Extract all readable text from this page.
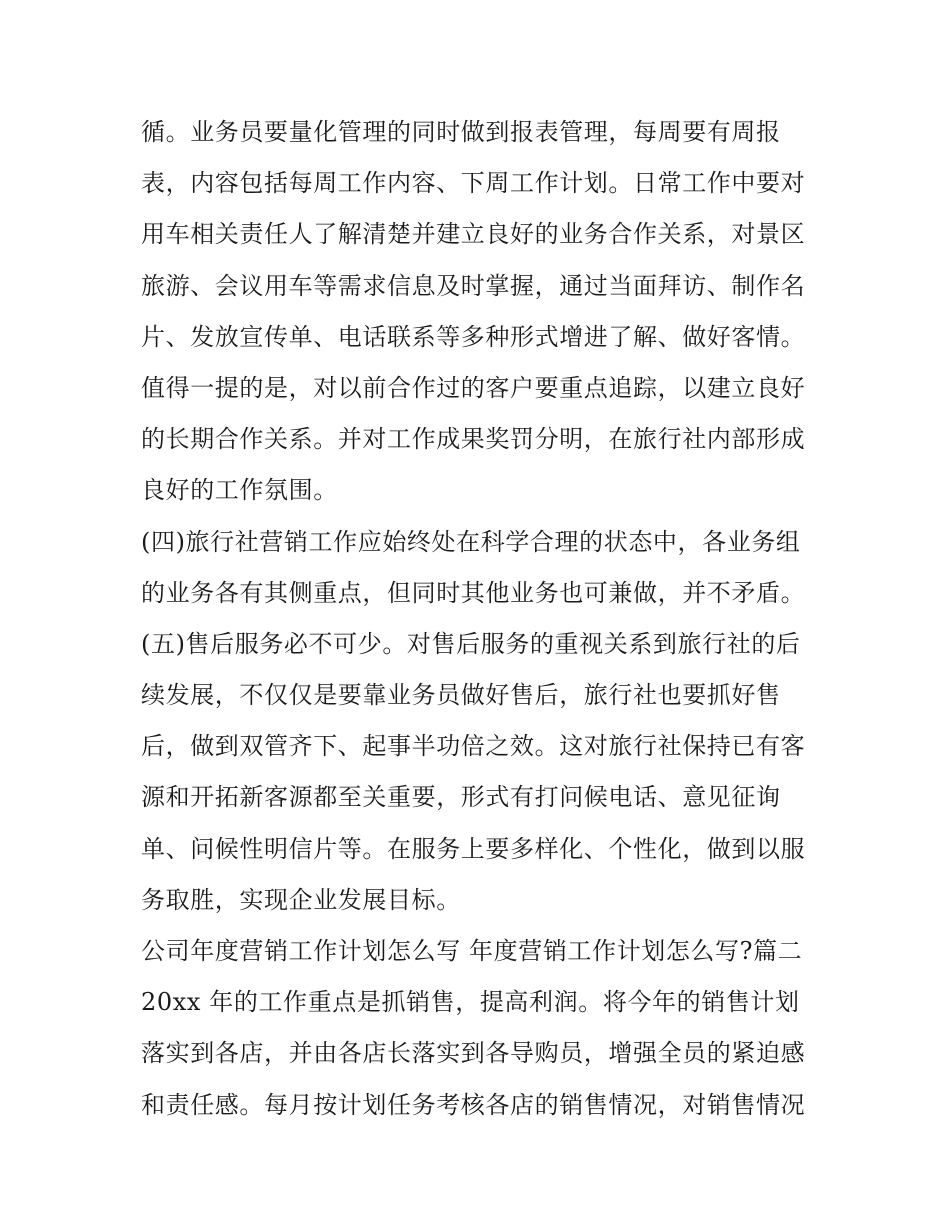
循。业务员要量化管理的同时做到报表管理，每周要有周报
表，内容包括每周工作内容、下周工作计划。日常工作中要对
用车相关责任人了解清楚并建立良好的业务合作关系，对景区
旅游、会议用车等需求信息及时掌握，通过当面拜访、制作名
片、发放宣传单、电话联系等多种形式增进了解、做好客情。
值得一提的是，对以前合作过的客户要重点追踪，以建立良好
的长期合作关系。并对工作成果奖罚分明，在旅行社内部形成
良好的工作氛围。
(四)旅行社营销工作应始终处在科学合理的状态中，各业务组
的业务各有其侧重点，但同时其他业务也可兼做，并不矛盾。
(五)售后服务必不可少。对售后服务的重视关系到旅行社的后
续发展，不仅仅是要靠业务员做好售后，旅行社也要抓好售
后，做到双管齐下、起事半功倍之效。这对旅行社保持已有客
源和开拓新客源都至关重要，形式有打问候电话、意见征询
单、问候性明信片等。在服务上要多样化、个性化，做到以服
务取胜，实现企业发展目标。
公司年度营销工作计划怎么写 年度营销工作计划怎么写?篇二
20xx 年的工作重点是抓销售，提高利润。将今年的销售计划
落实到各店，并由各店长落实到各导购员，增强全员的紧迫感
和责任感。每月按计划任务考核各店的销售情况，对销售情况
